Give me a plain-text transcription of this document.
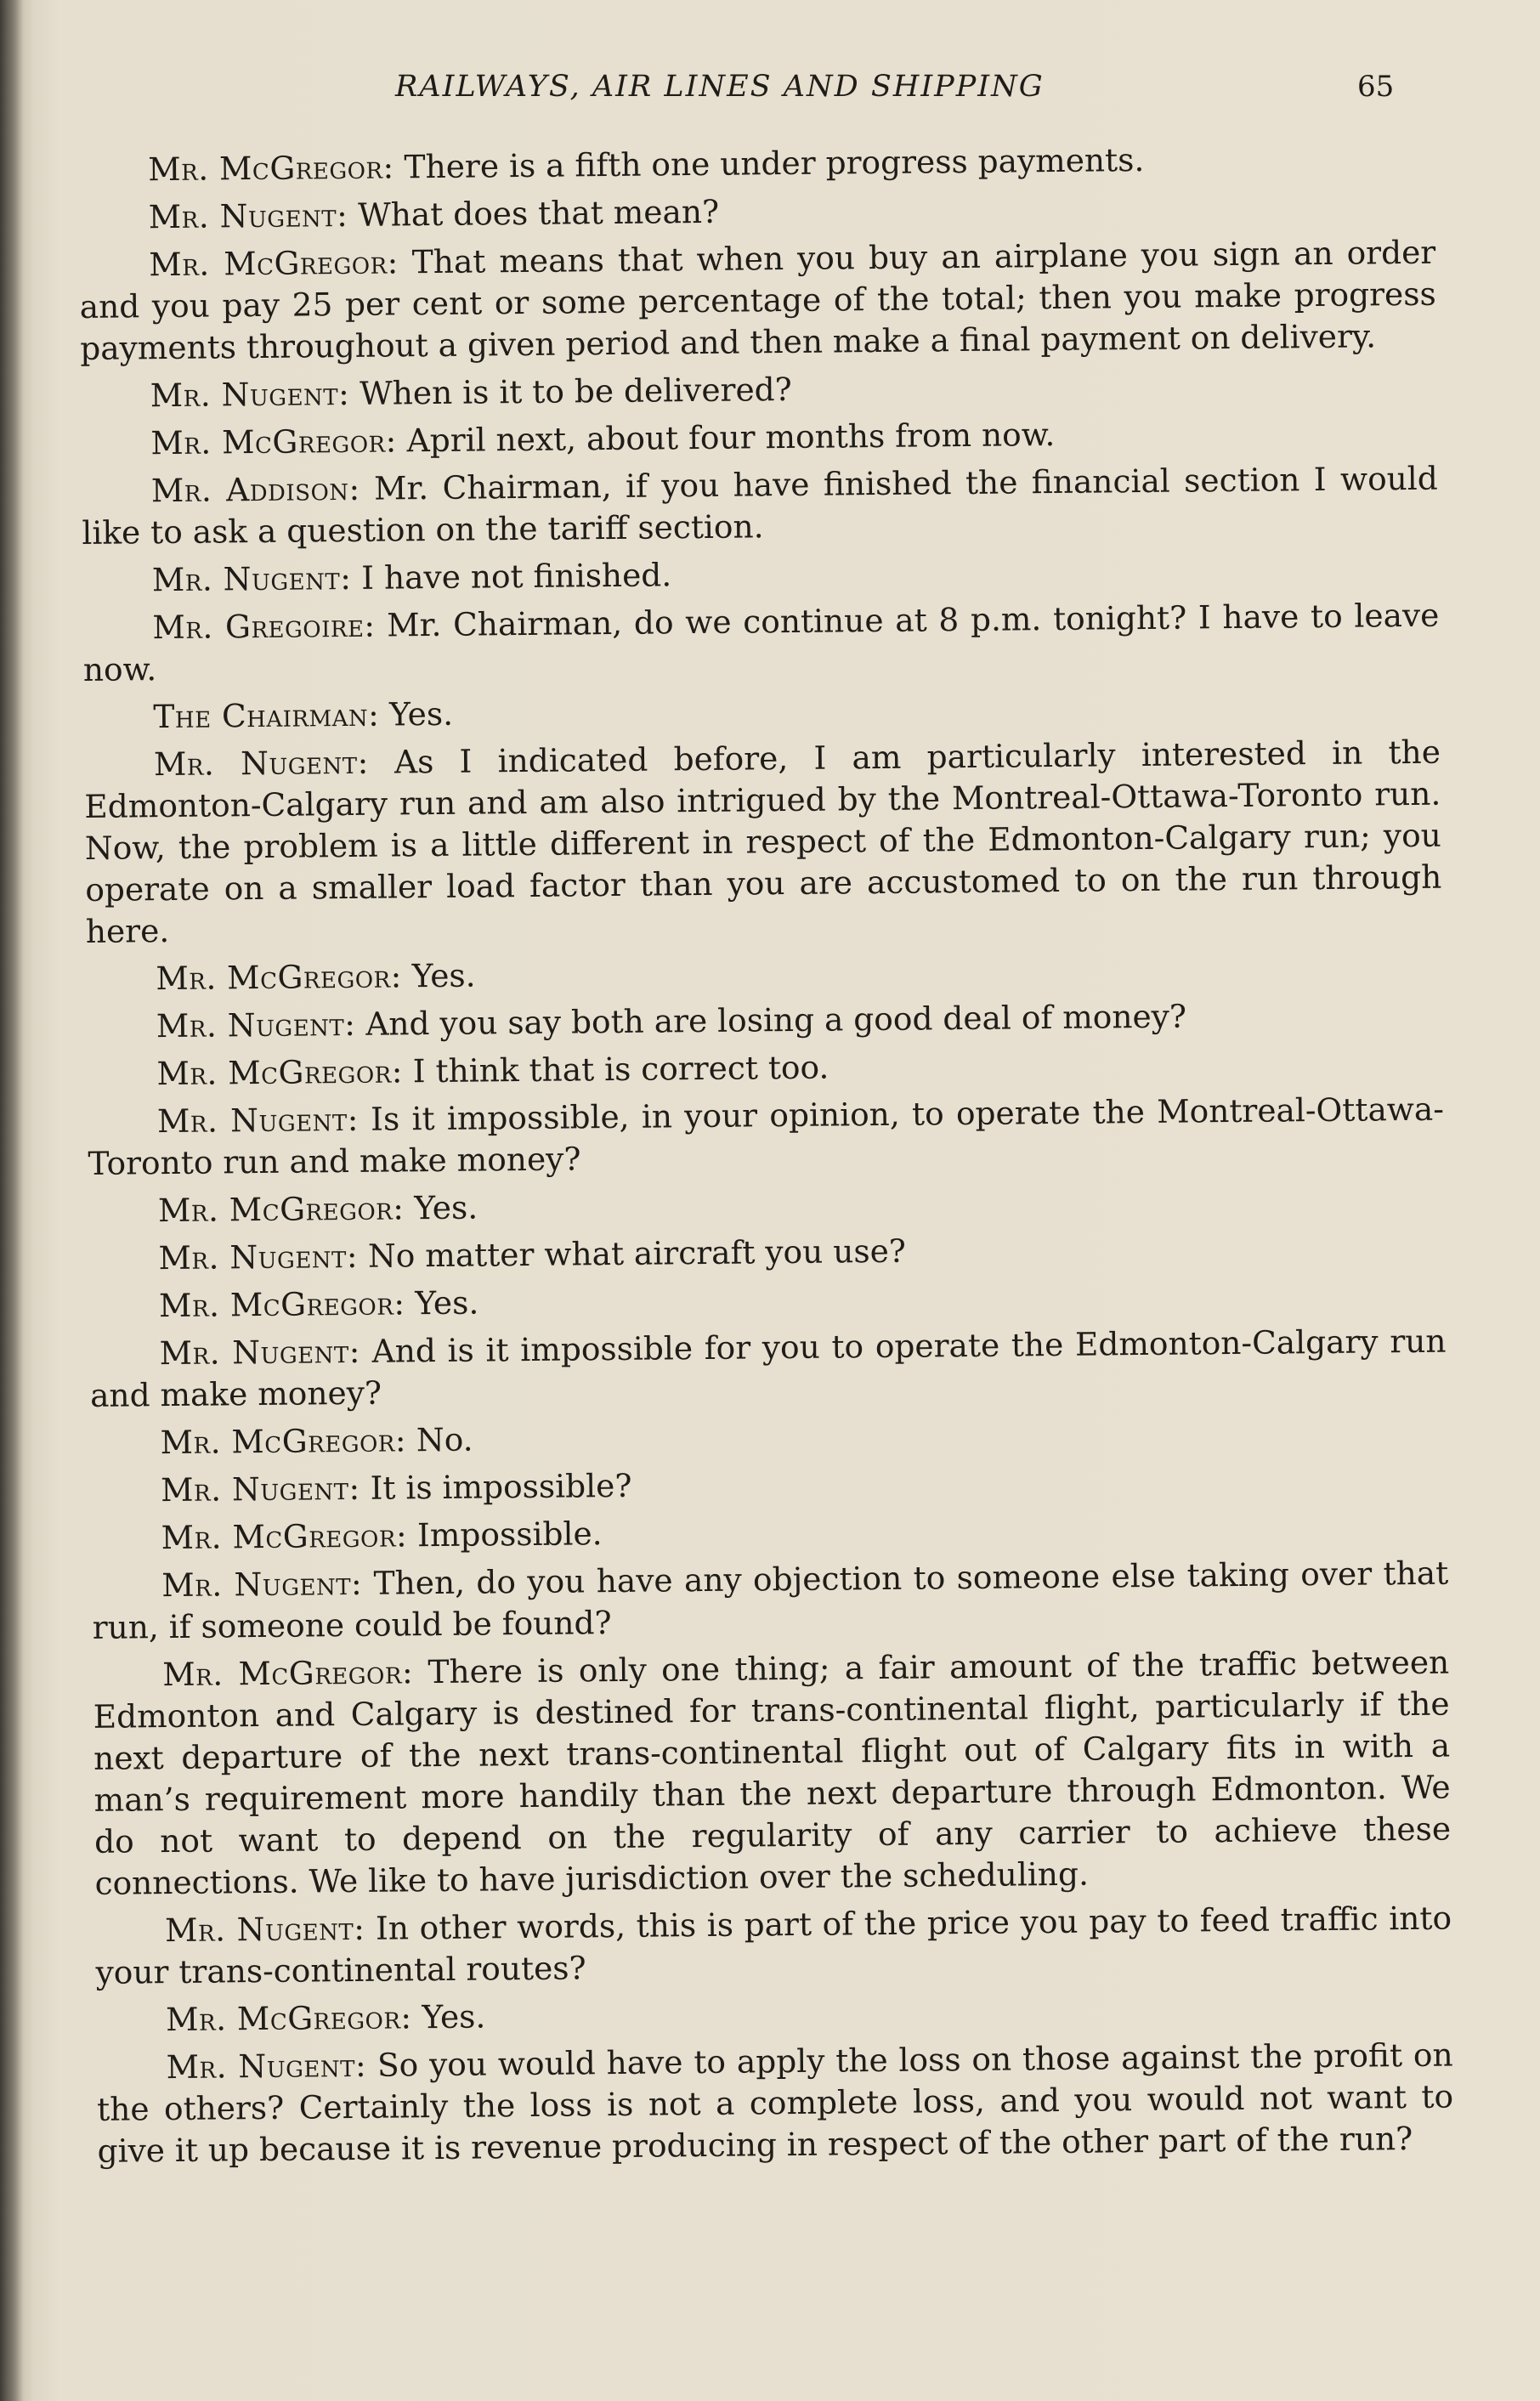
RAILWAYS, AIR LINES AND SHIPPING	65

Mr. McGregor: There is a fifth one under progress payments.

Mr. Nugent: What does that mean?

Mr. McGregor: That means that when you buy an airplane you sign an order and you pay 25 per cent or some percentage of the total; then you make progress payments throughout a given period and then make a final payment on delivery.

Mr. Nugent: When is it to be delivered?

Mr. McGregor: April next, about four months from now.

Mr. Addison: Mr. Chairman, if you have finished the financial section I would like to ask a question on the tariff section.

Mr. Nugent: I have not finished.

Mr. Gregoire: Mr. Chairman, do we continue at 8 p.m. tonight? I have to leave now.

The Chairman: Yes.

Mr. Nugent: As I indicated before, I am particularly interested in the Edmonton-Calgary run and am also intrigued by the Montreal-Ottawa-Toronto run. Now, the problem is a little different in respect of the Edmonton-Calgary run; you operate on a smaller load factor than you are accustomed to on the run through here.

Mr. McGregor: Yes.

Mr. Nugent: And you say both are losing a good deal of money?

Mr. McGregor: I think that is correct too.

Mr. Nugent: Is it impossible, in your opinion, to operate the Montreal-Ottawa-Toronto run and make money?

Mr. McGregor: Yes.

Mr. Nugent: No matter what aircraft you use?

Mr. McGregor: Yes.

Mr. Nugent: And is it impossible for you to operate the Edmonton-Calgary run and make money?

Mr. McGregor: No.

Mr. Nugent: It is impossible?

Mr. McGregor: Impossible.

Mr. Nugent: Then, do you have any objection to someone else taking over that run, if someone could be found?

Mr. McGregor: There is only one thing; a fair amount of the traffic between Edmonton and Calgary is destined for trans-continental flight, particularly if the next departure of the next trans-continental flight out of Calgary fits in with a man’s requirement more handily than the next departure through Edmonton. We do not want to depend on the regularity of any carrier to achieve these connections. We like to have jurisdiction over the scheduling.

Mr. Nugent: In other words, this is part of the price you pay to feed traffic into your trans-continental routes?

Mr. McGregor: Yes.

Mr. Nugent: So you would have to apply the loss on those against the profit on the others? Certainly the loss is not a complete loss, and you would not want to give it up because it is revenue producing in respect of the other part of the run?
